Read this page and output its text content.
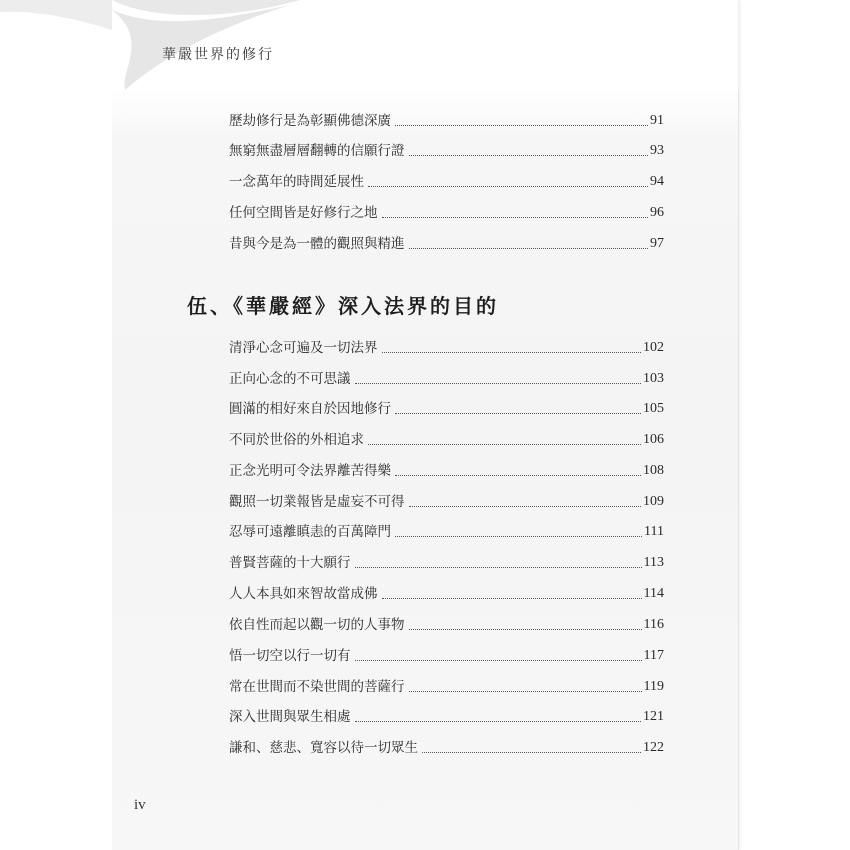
華嚴世界的修行
歷劫修行是為彰顯佛德深廣	91
無窮無盡層層翻轉的信願行證	93
一念萬年的時間延展性	94
任何空間皆是好修行之地	96
昔與今是為一體的觀照與精進	97
伍、《華嚴經》深入法界的目的
清淨心念可遍及一切法界	102
正向心念的不可思議	103
圓滿的相好來自於因地修行	105
不同於世俗的外相追求	106
正念光明可令法界離苦得樂	108
觀照一切業報皆是虛妄不可得	109
忍辱可遠離瞋恚的百萬障門	111
普賢菩薩的十大願行	113
人人本具如來智故當成佛	114
依自性而起以觀一切的人事物	116
悟一切空以行一切有	117
常在世間而不染世間的菩薩行	119
深入世間與眾生相處	121
謙和、慈悲、寬容以待一切眾生	122
iv
